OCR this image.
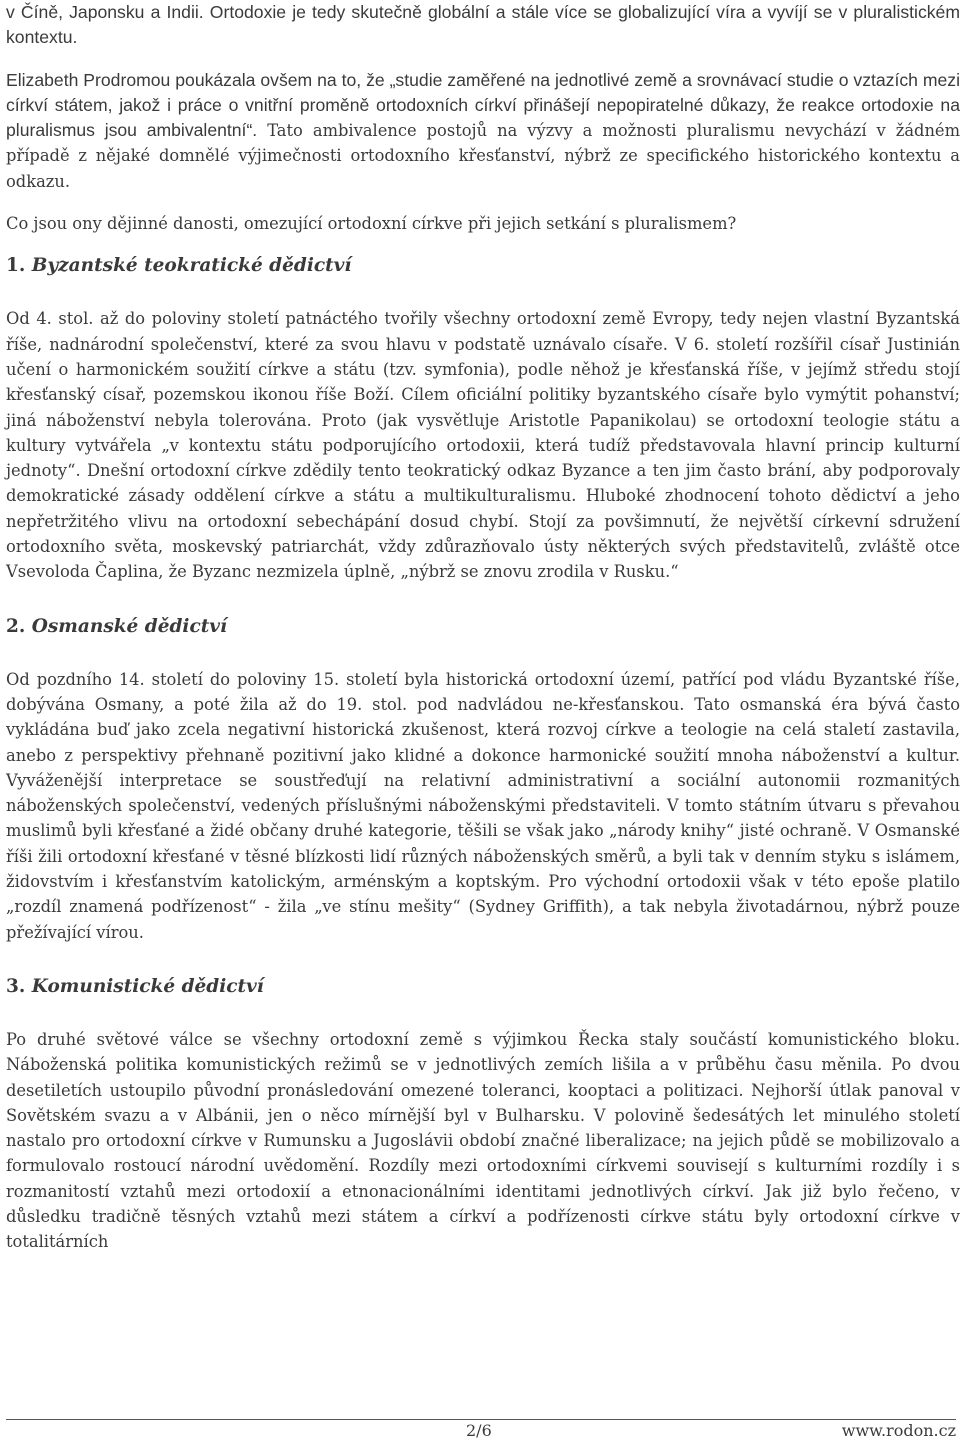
v Číně, Japonsku a Indii. Ortodoxie je tedy skutečně globální a stále více se globalizující víra a vyvíjí se v pluralistickém kontextu.

Elizabeth Prodromou poukázala ovšem na to, že „studie zaměřené na jednotlivé země a srovnávací studie o vztazích mezi církví státem, jakož i práce o vnitřní proměně ortodoxních církví přinášejí nepopiratelné důkazy, že reakce ortodoxie na pluralismus jsou ambivalentní“. Tato ambivalence postojů na výzvy a možnosti pluralismu nevychází v žádném případě z nějaké domnělé výjimečnosti ortodoxního křesťanství, nýbrž ze specifického historického kontextu a odkazu.

Co jsou ony dějinné danosti, omezující ortodoxní církve při jejich setkání s pluralismem?

1. Byzantské teokratické dědictví

Od 4. stol. až do poloviny století patnáctého tvořily všechny ortodoxní země Evropy, tedy nejen vlastní Byzantská říše, nadnárodní společenství, které za svou hlavu v podstatě uznávalo císaře. V 6. století rozšířil císař Justinián učení o harmonickém soužití církve a státu (tzv. symfonia), podle něhož je křesťanská říše, v jejímž středu stojí křesťanský císař, pozemskou ikonou říše Boží. Cílem oficiální politiky byzantského císaře bylo vymýtit pohanství; jiná náboženství nebyla tolerována. Proto (jak vysvětluje Aristotle Papanikolau) se ortodoxní teologie státu a kultury vytvářela „v kontextu státu podporujícího ortodoxii, která tudíž představovala hlavní princip kulturní jednoty“. Dnešní ortodoxní církve zdědily tento teokratický odkaz Byzance a ten jim často brání, aby podporovaly demokratické zásady oddělení církve a státu a multikulturalismu. Hluboké zhodnocení tohoto dědictví a jeho nepřetržitého vlivu na ortodoxní sebechápání dosud chybí. Stojí za povšimnutí, že největší církevní sdružení ortodoxního světa, moskevský patriarchát, vždy zdůrazňovalo ústy některých svých představitelů, zvláště otce Vsevoloda Čaplina, že Byzanc nezmizela úplně, „nýbrž se znovu zrodila v Rusku.“

2. Osmanské dědictví

Od pozdního 14. století do poloviny 15. století byla historická ortodoxní území, patřící pod vládu Byzantské říše, dobývána Osmany, a poté žila až do 19. stol. pod nadvládou ne-křesťanskou. Tato osmanská éra bývá často vykládána buď jako zcela negativní historická zkušenost, která rozvoj církve a teologie na celá staletí zastavila, anebo z perspektivy přehnaně pozitivní jako klidné a dokonce harmonické soužití mnoha náboženství a kultur. Vyváženější interpretace se soustřeďují na relativní administrativní a sociální autonomii rozmanitých náboženských společenství, vedených příslušnými náboženskými představiteli. V tomto státním útvaru s převahou muslimů byli křesťané a židé občany druhé kategorie, těšili se však jako „národy knihy“ jisté ochraně. V Osmanské říši žili ortodoxní křesťané v těsné blízkosti lidí různých náboženských směrů, a byli tak v denním styku s islámem, židovstvím i křesťanstvím katolickým, arménským a koptským. Pro východní ortodoxii však v této epoše platilo „rozdíl znamená podřízenost“ - žila „ve stínu mešity“ (Sydney Griffith), a tak nebyla životadárnou, nýbrž pouze přežívající vírou.

3. Komunistické dědictví

Po druhé světové válce se všechny ortodoxní země s výjimkou Řecka staly součástí komunistického bloku. Náboženská politika komunistických režimů se v jednotlivých zemích lišila a v průběhu času měnila. Po dvou desetiletích ustoupilo původní pronásledování omezené toleranci, kooptaci a politizaci. Nejhorší útlak panoval v Sovětském svazu a v Albánii, jen o něco mírnější byl v Bulharsku. V polovině šedesátých let minulého století nastalo pro ortodoxní církve v Rumunsku a Jugoslávii období značné liberalizace; na jejich půdě se mobilizovalo a formulovalo rostoucí národní uvědomění. Rozdíly mezi ortodoxními církvemi souvisejí s kulturními rozdíly i s rozmanitostí vztahů mezi ortodoxií a etnonacionálními identitami jednotlivých církví. Jak již bylo řečeno, v důsledku tradičně těsných vztahů mezi státem a církví a podřízenosti církve státu byly ortodoxní církve v totalitárních

2/6	www.rodon.cz
